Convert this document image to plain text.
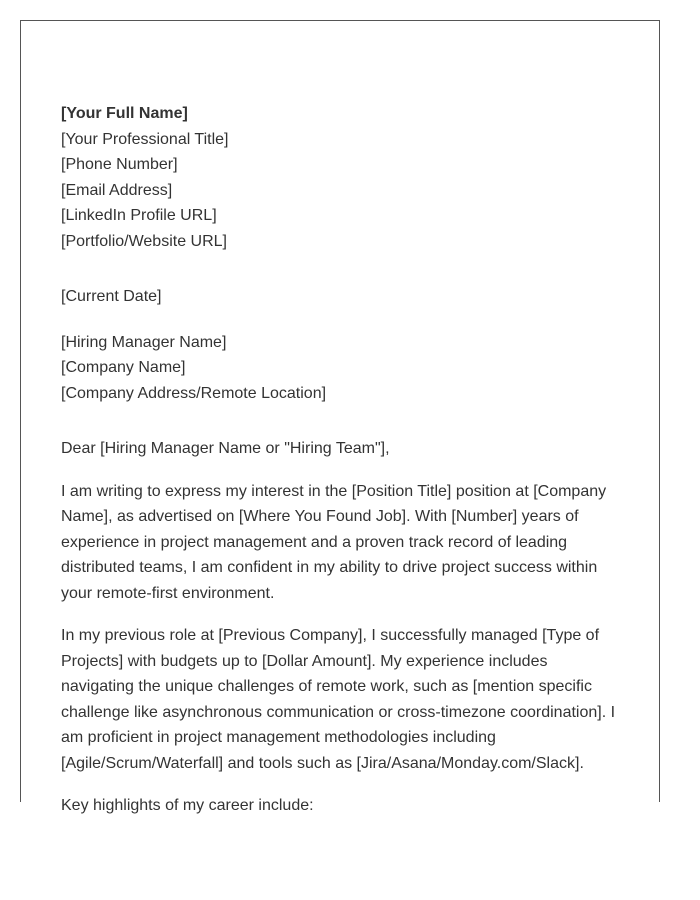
[Your Full Name]

[Your Professional Title]

[Phone Number]

[Email Address]

[LinkedIn Profile URL]

[Portfolio/Website URL]

[Current Date]

[Hiring Manager Name]

[Company Name]

[Company Address/Remote Location]

Dear [Hiring Manager Name or "Hiring Team"],

I am writing to express my interest in the [Position Title] position at [Company Name], as advertised on [Where You Found Job]. With [Number] years of experience in project management and a proven track record of leading distributed teams, I am confident in my ability to drive project success within your remote-first environment.

In my previous role at [Previous Company], I successfully managed [Type of Projects] with budgets up to [Dollar Amount]. My experience includes navigating the unique challenges of remote work, such as [mention specific challenge like asynchronous communication or cross-timezone coordination]. I am proficient in project management methodologies including [Agile/Scrum/Waterfall] and tools such as [Jira/Asana/Monday.com/Slack].

Key highlights of my career include:
